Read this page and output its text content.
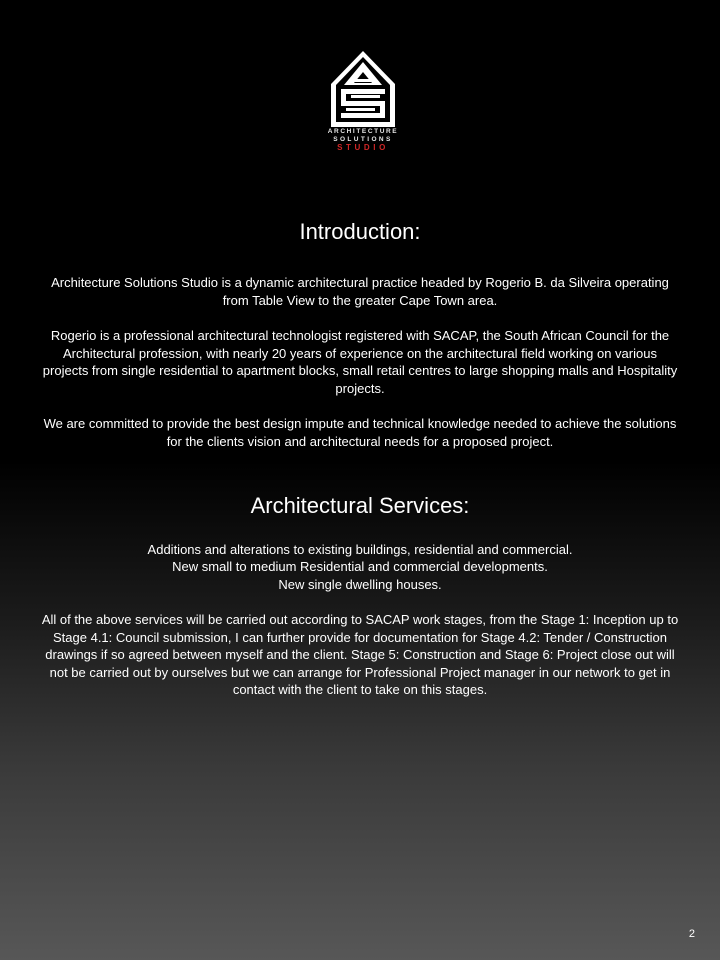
ARCHITECTURE
SOLUTIONS
STUDIO
Introduction:

Architecture Solutions Studio is a dynamic architectural practice headed by Rogerio B. da Silveira operating from Table View to the greater Cape Town area.

Rogerio is a professional architectural technologist registered with SACAP, the South African Council for the Architectural profession, with nearly 20 years of experience on the architectural field working on various projects from single residential to apartment blocks, small retail centres to large shopping malls and Hospitality projects.

We are committed to provide the best design impute and technical knowledge needed to achieve the solutions for the clients vision and architectural needs for a proposed project.

Architectural Services:

Additions and alterations to existing buildings, residential and commercial.

New small to medium Residential and commercial developments.

New single dwelling houses.

All of the above services will be carried out according to SACAP work stages, from the Stage 1: Inception up to Stage 4.1: Council submission, I can further provide for documentation for Stage 4.2: Tender / Construction drawings if so agreed between myself and the client. Stage 5: Construction and Stage 6: Project close out will not be carried out by ourselves but we can arrange for Professional Project manager in our network to get in contact with the client to take on this stages.

2
